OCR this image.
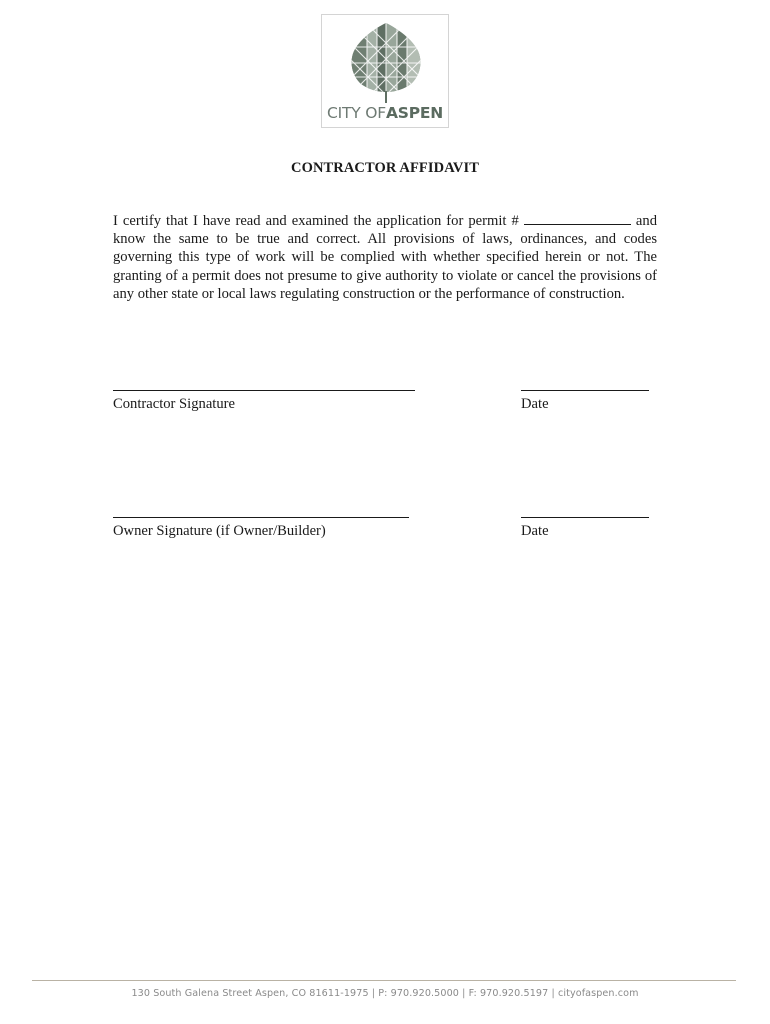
CITY OFASPEN
CONTRACTOR AFFIDAVIT
I certify that I have read and examined the application for permit #	and know the same to be true and correct. All provisions of laws, ordinances, and codes governing this type of work will be complied with whether specified herein or not. The granting of a permit does not presume to give authority to violate or cancel the provisions of any other state or local laws regulating construction or the performance of construction.
Contractor Signature	Date
Owner Signature (if Owner/Builder)	Date
130 South Galena Street Aspen, CO 81611-1975 | P: 970.920.5000 | F: 970.920.5197 | cityofaspen.com
